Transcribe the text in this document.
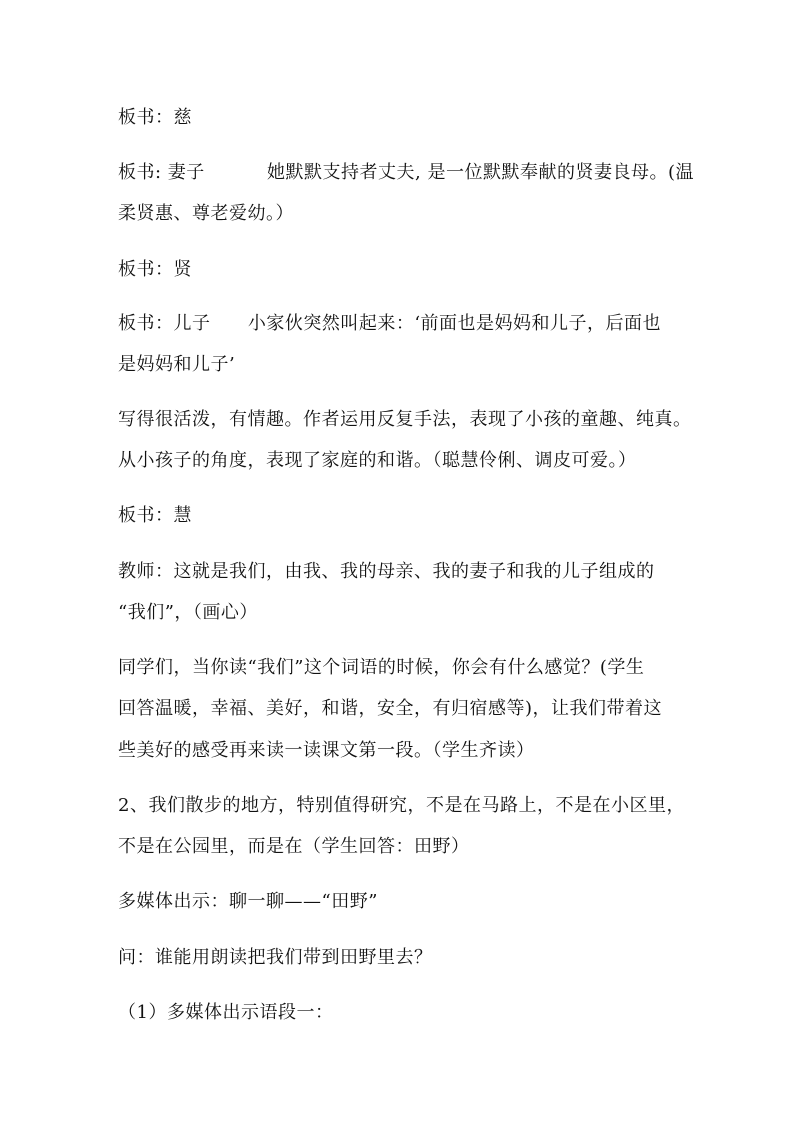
板书：慈
板书: 妻子          她默默支持者丈夫, 是一位默默奉献的贤妻良母。(温
柔贤惠、尊老爱幼。）
板书：贤
板书：儿子      小家伙突然叫起来：‘前面也是妈妈和儿子，后面也
是妈妈和儿子’
写得很活泼，有情趣。作者运用反复手法，表现了小孩的童趣、纯真。
从小孩子的角度，表现了家庭的和谐。（聪慧伶俐、调皮可爱。）
板书：慧
教师：这就是我们，由我、我的母亲、我的妻子和我的儿子组成的
“我们”，（画心）
同学们，当你读“我们”这个词语的时候，你会有什么感觉？(学生
回答温暖，幸福、美好，和谐，安全，有归宿感等)，让我们带着这
些美好的感受再来读一读课文第一段。（学生齐读）
2、我们散步的地方，特别值得研究，不是在马路上，不是在小区里，
不是在公园里，而是在（学生回答：田野）
多媒体出示：聊一聊——“田野”
问：谁能用朗读把我们带到田野里去？
（1）多媒体出示语段一：
